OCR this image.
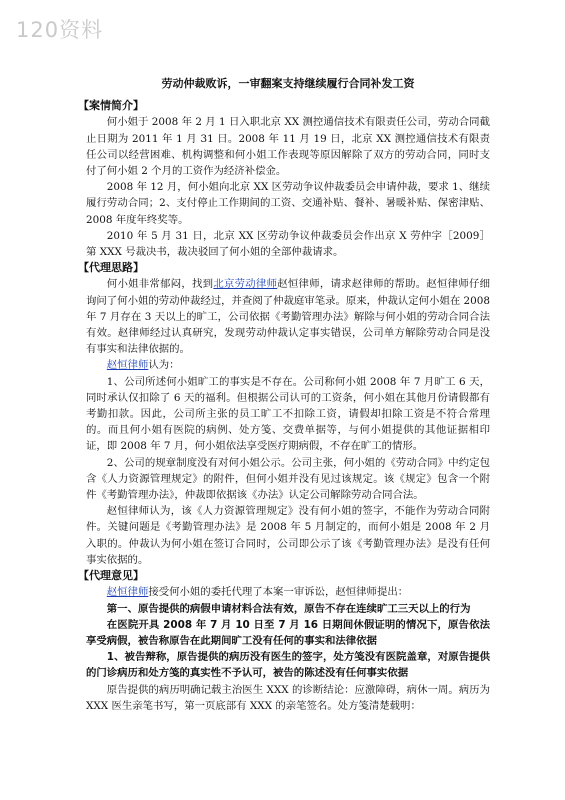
120资料
劳动仲裁败诉，一审翻案支持继续履行合同补发工资
【案情简介】

何小姐于 2008 年 2 月 1 日入职北京 XX 测控通信技术有限责任公司，劳动合同截止日期为 2011 年 1 月 31 日。2008 年 11 月 19 日，北京 XX 测控通信技术有限责任公司以经营困难、机构调整和何小姐工作表现等原因解除了双方的劳动合同，同时支付了何小姐 2 个月的工资作为经济补偿金。

2008 年 12 月，何小姐向北京 XX 区劳动争议仲裁委员会申请仲裁，要求 1、继续履行劳动合同；2、支付停止工作期间的工资、交通补贴、餐补、暑暖补贴、保密津贴、2008 年度年终奖等。

2010 年 5 月 31 日，北京 XX 区劳动争议仲裁委员会作出京 X 劳仲字［2009］第 XXX 号裁决书，裁决驳回了何小姐的全部仲裁请求。

【代理思路】

何小姐非常郁闷，找到北京劳动律师赵恒律师，请求赵律师的帮助。赵恒律师仔细询问了何小姐的劳动仲裁经过，并查阅了仲裁庭审笔录。原来，仲裁认定何小姐在 2008 年 7 月存在 3 天以上的旷工，公司依据《考勤管理办法》解除与何小姐的劳动合同合法有效。赵律师经过认真研究，发现劳动仲裁认定事实错误，公司单方解除劳动合同是没有事实和法律依据的。

赵恒律师认为：

1、公司所述何小姐旷工的事实是不存在。公司称何小姐 2008 年 7 月旷工 6 天，同时承认仅扣除了 6 天的福利。但根据公司认可的工资条，何小姐在其他月份请假都有考勤扣款。因此，公司所主张的员工旷工不扣除工资，请假却扣除工资是不符合常理的。而且何小姐有医院的病例、处方笺、交费单据等，与何小姐提供的其他证据相印证，即 2008 年 7 月，何小姐依法享受医疗期病假，不存在旷工的情形。

2、公司的规章制度没有对何小姐公示。公司主张，何小姐的《劳动合同》中约定包含《人力资源管理规定》的附件，但何小姐并没有见过该规定。该《规定》包含一个附件《考勤管理办法》，仲裁即依据该《办法》认定公司解除劳动合同合法。

赵恒律师认为，该《人力资源管理规定》没有何小姐的签字，不能作为劳动合同附件。关键问题是《考勤管理办法》是 2008 年 5 月制定的，而何小姐是 2008 年 2 月入职的。仲裁认为何小姐在签订合同时，公司即公示了该《考勤管理办法》是没有任何事实依据的。

【代理意见】

赵恒律师接受何小姐的委托代理了本案一审诉讼，赵恒律师提出：

第一、原告提供的病假申请材料合法有效，原告不存在连续旷工三天以上的行为

在医院开具 2008 年 7 月 10 日至 7 月 16 日期间休假证明的情况下，原告依法享受病假，被告称原告在此期间旷工没有任何的事实和法律依据

1、被告辩称，原告提供的病历没有医生的签字，处方笺没有医院盖章，对原告提供的门诊病历和处方笺的真实性不予认可，被告的陈述没有任何事实依据

原告提供的病历明确记载主治医生 XXX 的诊断结论：应激障碍，病休一周。病历为 XXX 医生亲笔书写，第一页底部有 XXX 的亲笔签名。处方笺清楚载明：
